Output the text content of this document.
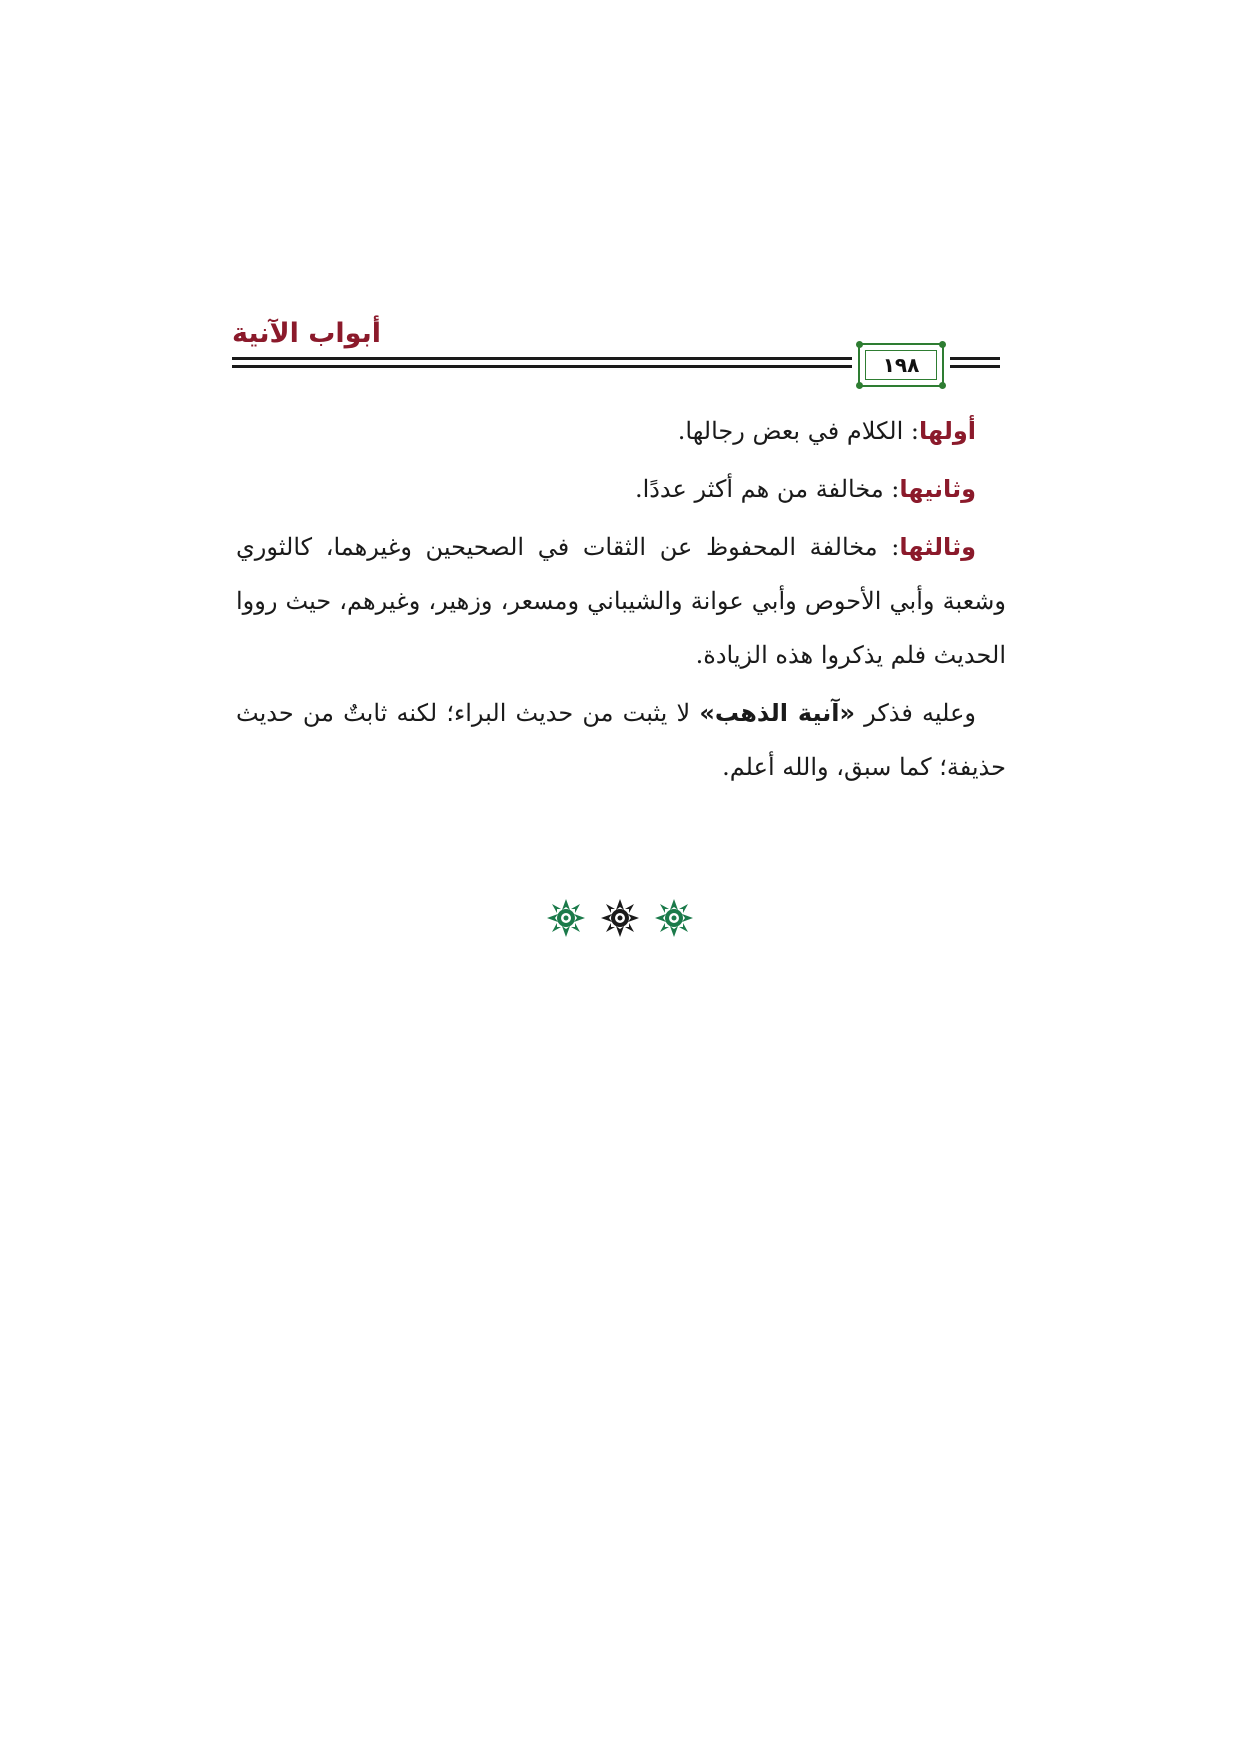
أبواب الآنية
١٩٨

أولها: الكلام في بعض رجالها.

وثانيها: مخالفة من هم أكثر عددًا.

وثالثها: مخالفة المحفوظ عن الثقات في الصحيحين وغيرهما، كالثوري وشعبة وأبي الأحوص وأبي عوانة والشيباني ومسعر، وزهير، وغيرهم، حيث رووا الحديث فلم يذكروا هذه الزيادة.

وعليه فذكر «آنية الذهب» لا يثبت من حديث البراء؛ لكنه ثابتٌ من حديث حذيفة؛ كما سبق، والله أعلم.
